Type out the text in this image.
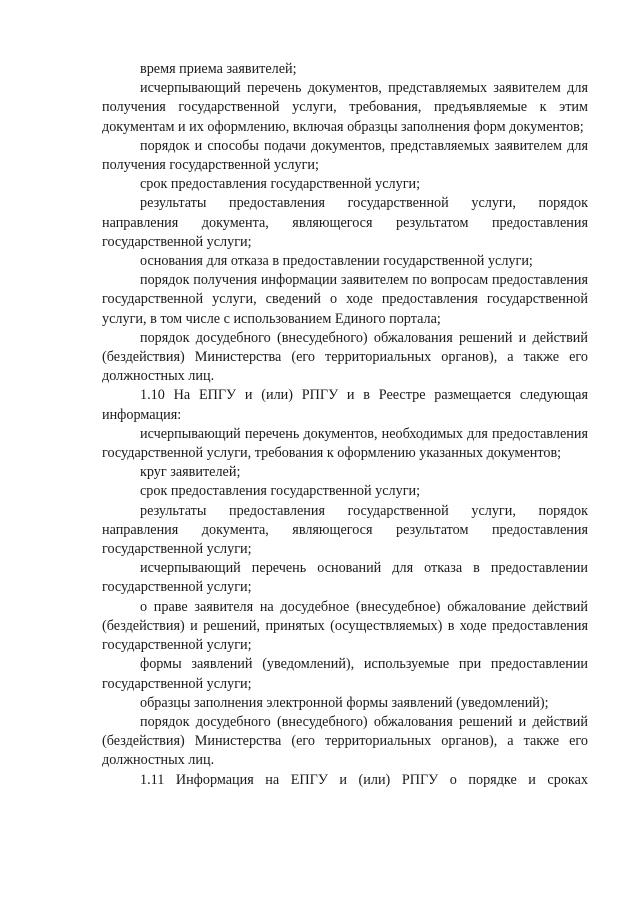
время приема заявителей;

исчерпывающий перечень документов, представляемых заявителем для получения государственной услуги, требования, предъявляемые к этим документам и их оформлению, включая образцы заполнения форм документов;

порядок и способы подачи документов, представляемых заявителем для получения государственной услуги;

срок предоставления государственной услуги;

результаты предоставления государственной услуги, порядок направления документа, являющегося результатом предоставления государственной услуги;

основания для отказа в предоставлении государственной услуги;

порядок получения информации заявителем по вопросам предоставления государственной услуги, сведений о ходе предоставления государственной услуги, в том числе с использованием Единого портала;

порядок досудебного (внесудебного) обжалования решений и действий (бездействия) Министерства (его территориальных органов), а также его должностных лиц.

1.10 На ЕПГУ и (или) РПГУ и в Реестре размещается следующая информация:

исчерпывающий перечень документов, необходимых для предоставления государственной услуги, требования к оформлению указанных документов;

круг заявителей;

срок предоставления государственной услуги;

результаты предоставления государственной услуги, порядок направления документа, являющегося результатом предоставления государственной услуги;

исчерпывающий перечень оснований для отказа в предоставлении государственной услуги;

о праве заявителя на досудебное (внесудебное) обжалование действий (бездействия) и решений, принятых (осуществляемых) в ходе предоставления государственной услуги;

формы заявлений (уведомлений), используемые при предоставлении государственной услуги;

образцы заполнения электронной формы заявлений (уведомлений);

порядок досудебного (внесудебного) обжалования решений и действий (бездействия) Министерства (его территориальных органов), а также его должностных лиц.

1.11 Информация на ЕПГУ и (или) РПГУ о порядке и сроках
